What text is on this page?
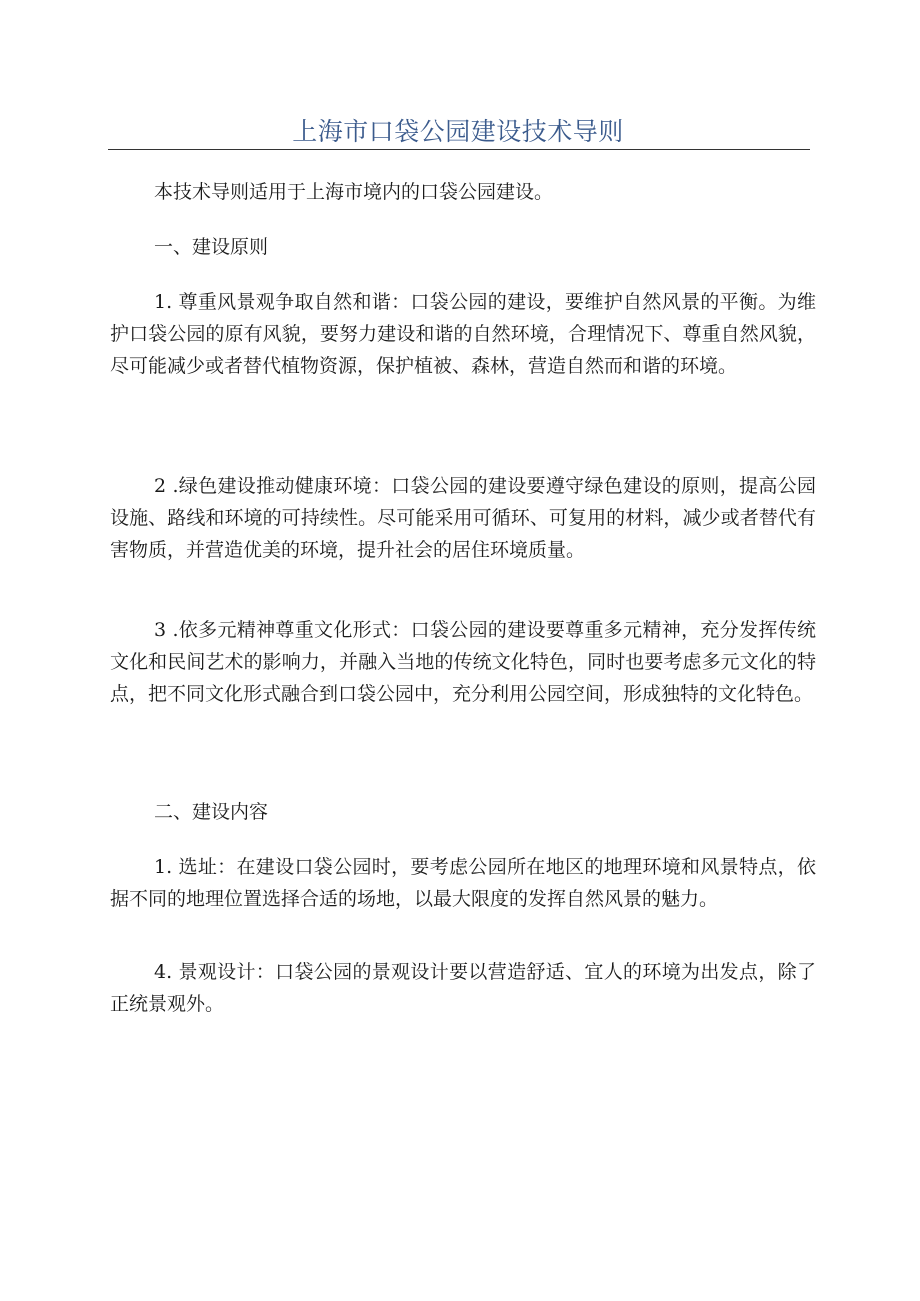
上海市口袋公园建设技术导则

本技术导则适用于上海市境内的口袋公园建设。

一、建设原则

1. 尊重风景观争取自然和谐：口袋公园的建设，要维护自然风景的平衡。为维护口袋公园的原有风貌，要努力建设和谐的自然环境，合理情况下、尊重自然风貌，尽可能减少或者替代植物资源，保护植被、森林，营造自然而和谐的环境。

2 .绿色建设推动健康环境：口袋公园的建设要遵守绿色建设的原则，提高公园设施、路线和环境的可持续性。尽可能采用可循环、可复用的材料，减少或者替代有害物质，并营造优美的环境，提升社会的居住环境质量。

3 .依多元精神尊重文化形式：口袋公园的建设要尊重多元精神，充分发挥传统文化和民间艺术的影响力，并融入当地的传统文化特色，同时也要考虑多元文化的特点，把不同文化形式融合到口袋公园中，充分利用公园空间，形成独特的文化特色。

二、建设内容

1. 选址：在建设口袋公园时，要考虑公园所在地区的地理环境和风景特点，依据不同的地理位置选择合适的场地，以最大限度的发挥自然风景的魅力。

4. 景观设计：口袋公园的景观设计要以营造舒适、宜人的环境为出发点，除了正统景观外。
